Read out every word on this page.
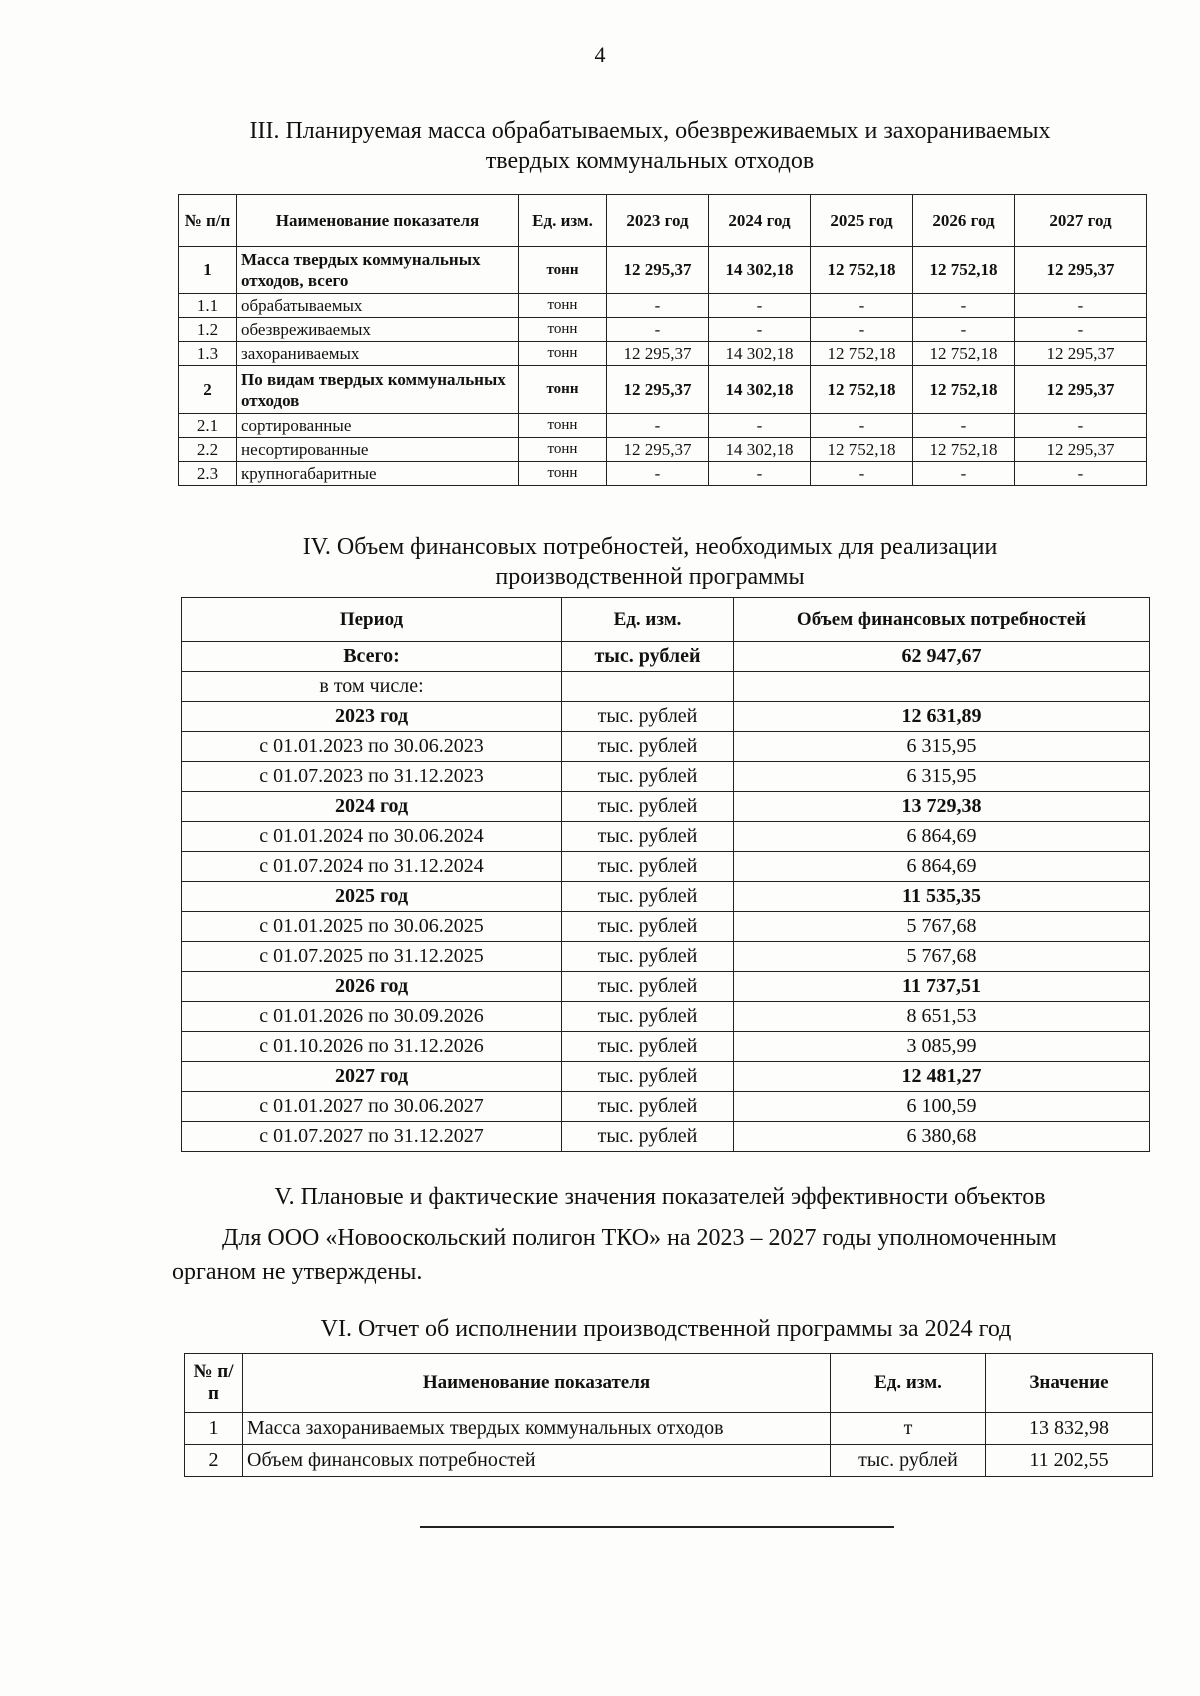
4
III. Планируемая масса обрабатываемых, обезвреживаемых и захораниваемых
твердых коммунальных отходов
№ п/п	Наименование показателя	Ед. изм.	2023 год	2024 год	2025 год	2026 год	2027 год
1	Масса твердых коммунальных отходов, всего	тонн	12 295,37	14 302,18	12 752,18	12 752,18	12 295,37
1.1	обрабатываемых	тонн	-	-	-	-	-
1.2	обезвреживаемых	тонн	-	-	-	-	-
1.3	захораниваемых	тонн	12 295,37	14 302,18	12 752,18	12 752,18	12 295,37
2	По видам твердых коммунальных отходов	тонн	12 295,37	14 302,18	12 752,18	12 752,18	12 295,37
2.1	сортированные	тонн	-	-	-	-	-
2.2	несортированные	тонн	12 295,37	14 302,18	12 752,18	12 752,18	12 295,37
2.3	крупногабаритные	тонн	-	-	-	-	-
IV. Объем финансовых потребностей, необходимых для реализации
производственной программы
Период	Ед. изм.	Объем финансовых потребностей
Всего:	тыс. рублей	62 947,67
в том числе:		
2023 год	тыс. рублей	12 631,89
с 01.01.2023 по 30.06.2023	тыс. рублей	6 315,95
с 01.07.2023 по 31.12.2023	тыс. рублей	6 315,95
2024 год	тыс. рублей	13 729,38
с 01.01.2024 по 30.06.2024	тыс. рублей	6 864,69
с 01.07.2024 по 31.12.2024	тыс. рублей	6 864,69
2025 год	тыс. рублей	11 535,35
с 01.01.2025 по 30.06.2025	тыс. рублей	5 767,68
с 01.07.2025 по 31.12.2025	тыс. рублей	5 767,68
2026 год	тыс. рублей	11 737,51
с 01.01.2026 по 30.09.2026	тыс. рублей	8 651,53
с 01.10.2026 по 31.12.2026	тыс. рублей	3 085,99
2027 год	тыс. рублей	12 481,27
с 01.01.2027 по 30.06.2027	тыс. рублей	6 100,59
с 01.07.2027 по 31.12.2027	тыс. рублей	6 380,68
V. Плановые и фактические значения показателей эффективности объектов
Для ООО «Новооскольский полигон ТКО» на 2023 – 2027 годы уполномоченным
органом не утверждены.
VI. Отчет об исполнении производственной программы за 2024 год
№ п/п	Наименование показателя	Ед. изм.	Значение
1	Масса захораниваемых твердых коммунальных отходов	т	13 832,98
2	Объем финансовых потребностей	тыс. рублей	11 202,55
